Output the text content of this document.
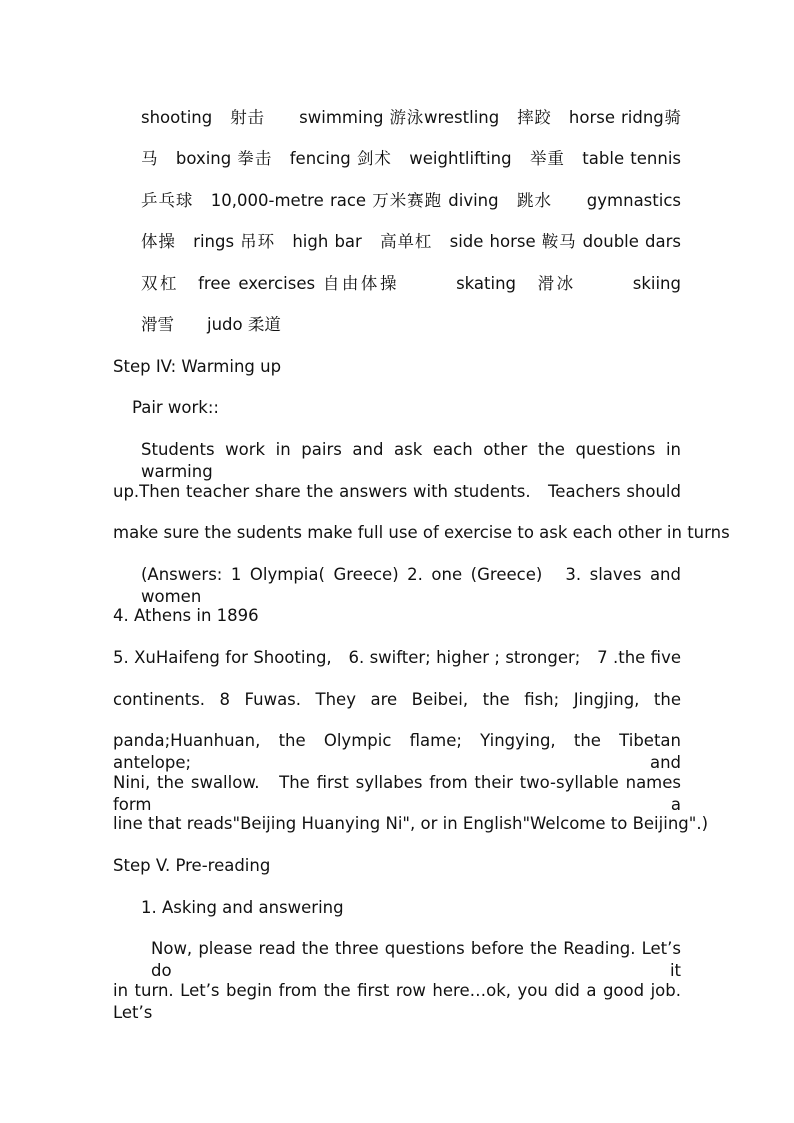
shooting　射击　　swimming 游泳wrestling　摔跤　horse ridng骑
马　boxing 拳击　fencing 剑术　weightlifting　举重　table tennis
乒乓球　10,000-metre race 万米赛跑 diving　跳水　　gymnastics
体操　rings 吊环　high bar　高单杠　side horse 鞍马 double dars
双杠　free exercises 自由体操　　　skating　滑冰　　　skiing
滑雪　　judo 柔道
Step IV: Warming up
Pair work::
Students work in pairs and ask each other the questions in warming
up.Then teacher share the answers with students.　Teachers should
make sure the sudents make full use of exercise to ask each other in turns
(Answers: 1 Olympia( Greece) 2. one (Greece)　3. slaves and women
4. Athens in 1896
5. XuHaifeng for Shooting,　6. swifter; higher ; stronger;　7 .the five
continents. 8 Fuwas. They are Beibei, the fish; Jingjing, the
panda;Huanhuan, the Olympic flame; Yingying, the Tibetan antelope; and
Nini, the swallow.　The first syllabes from their two-syllable names form a
line that reads"Beijing Huanying Ni", or in English"Welcome to Beijing".)
Step V. Pre-reading
1. Asking and answering
Now, please read the three questions before the Reading. Let’s do it
in turn. Let’s begin from the first row here…ok, you did a good job. Let’s
